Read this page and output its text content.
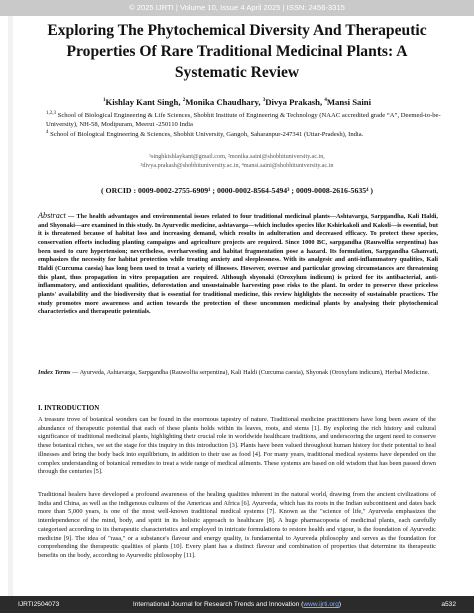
© 2025 IJRTI | Volume 10, Issue 4 April 2025 | ISSN: 2456-3315
Exploring The Phytochemical Diversity And Therapeutic Properties Of Rare Traditional Medicinal Plants: A Systematic Review
$^1$Kishlay Kant Singh, $^2$Monika Chaudhary, $^3$Divya Prakash, $^4$Mansi Saini
$^{1,2,3}$ School of Biological Engineering & Life Sciences, Shobhit Institute of Engineering & Technology (NAAC accredited grade “A”, Deemed-to-be-University), NH-58, Modipuram, Meerut -250110 India
$^4$ School of Biological Engineering & Sciences, Shobhit University, Gangoh, Saharanpur-247341 (Uttar-Pradesh), India.
¹singhkishlaykant@gmail.com, ²monika.saini@shobhituniversity.ac.in,
³divya.prakash@shobhituniversity.ac.in, ⁴mansi.saini@shobhituniversity.ac.in
( ORCID : 0009-0002-2755-6909¹ ; 0000-0002-8564-5494³ ; 0009-0008-2616-5635⁴ )
Abstract — The health advantages and environmental issues related to four traditional medicinal plants—Ashtavarga, Sarpgandha, Kali Haldi, and Shyonaki—are examined in this study. In Ayurvedic medicine, ashtavarga—which includes species like Kshirkakoli and Kakoli—is essential, but it is threatened because of habitat loss and increasing demand, which results in adulteration and decreased efficacy. To protect these species, conservation efforts including planting campaigns and agriculture projects are required. Since 1000 BC, sarpgandha (Rauwolfia serpentina) has been used to cure hypertension; nevertheless, overharvesting and habitat fragmentation pose a hazard. Its formulation, Sarpgandha Ghanvati, emphasizes the necessity for habitat protection while treating anxiety and sleeplessness. With its analgesic and anti-inflammatory qualities, Kali Haldi (Curcuma caesia) has long been used to treat a variety of illnesses. However, overuse and particular growing circumstances are threatening this plant, thus propagation in vitro propagation are required. Although shyonaki (Oroxylum indicum) is prized for its antibacterial, anti-inflammatory, and antioxidant qualities, deforestation and unsustainable harvesting pose risks to the plant. In order to preserve these priceless plants' availability and the biodiversity that is essential for traditional medicine, this review highlights the necessity of sustainable practices. The study promotes more awareness and action towards the protection of these uncommon medicinal plants by analysing their phytochemical characteristics and therapeutic potentials.
Index Terms — Ayurveda, Ashtavarga, Sarpgandha (Rauwolfia serpentina), Kali Haldi (Curcuma caesia), Shyonak (Oroxylum indicum), Herbal Medicine.
I. INTRODUCTION
A treasure trove of botanical wonders can be found in the enormous tapestry of nature. Traditional medicine practitioners have long been aware of the abundance of therapeutic potential that each of these plants holds within its leaves, roots, and stems [1]. By exploring the rich history and cultural significance of traditional medicinal plants, highlighting their crucial role in worldwide healthcare traditions, and underscoring the urgent need to conserve these botanical riches, we set the stage for this inquiry in this introduction [3]. Plants have been valued throughout human history for their potential to heal illnesses and bring the body back into equilibrium, in addition to their use as food [4]. For many years, traditional medical systems have depended on the complex understanding of botanical remedies to treat a wide range of medical ailments. These systems are based on old wisdom that has been passed down through the centuries [5].
Traditional healers have developed a profound awareness of the healing qualities inherent in the natural world, drawing from the ancient civilizations of India and China, as well as the indigenous cultures of the Americas and Africa [6]. Ayurveda, which has its roots in the Indian subcontinent and dates back more than 5,000 years, is one of the most well-known traditional medical systems [7]. Known as the "science of life," Ayurveda emphasizes the interdependence of the mind, body, and spirit in its holistic approach to healthcare [8]. A huge pharmacopoeia of medicinal plants, each carefully categorised according to its therapeutic characteristics and employed in intricate formulations to restore health and vigour, is the foundation of Ayurvedic medicine [9]. The idea of "rasa," or a substance's flavour and energy quality, is fundamental to Ayurveda philosophy and serves as the foundation for comprehending the therapeutic qualities of plants [10]. Every plant has a distinct flavour and combination of properties that determine its therapeutic benefits on the body, according to Ayurvedic philosophy [11].
IJRTI2504073	International Journal for Research Trends and Innovation (www.ijrti.org)	a532
